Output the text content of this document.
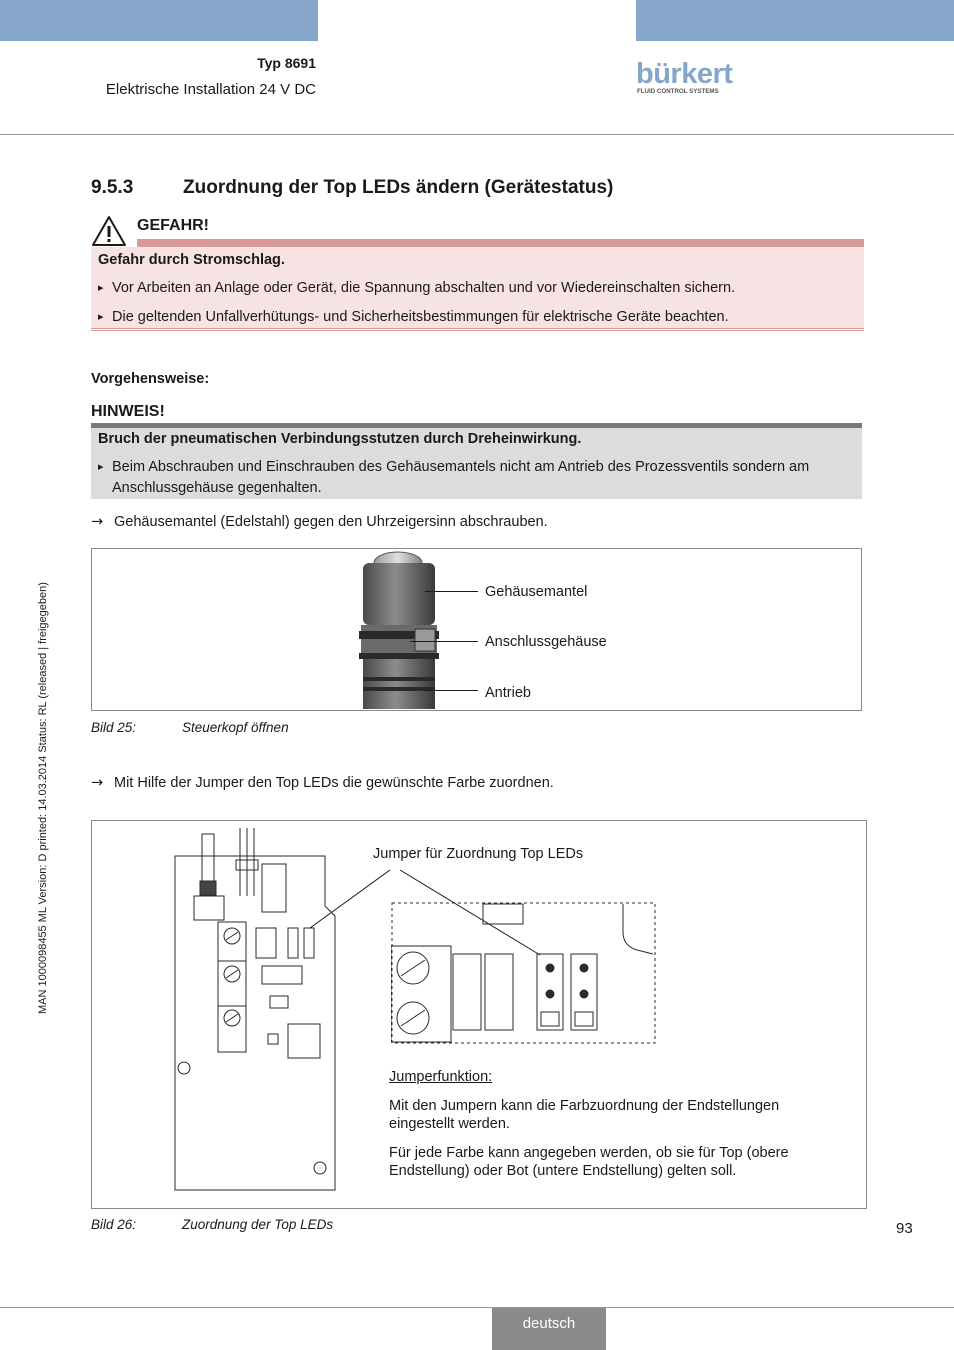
Typ 8691
Elektrische Installation 24 V DC	bürkert
FLUID CONTROL SYSTEMS
9.5.3	Zuordnung der Top LEDs ändern (Gerätestatus)
GEFAHR!
Gefahr durch Stromschlag.
▸ Vor Arbeiten an Anlage oder Gerät, die Spannung abschalten und vor Wiedereinschalten sichern.
▸ Die geltenden Unfallverhütungs- und Sicherheitsbestimmungen für elektrische Geräte beachten.
Vorgehensweise:
HINWEIS!
Bruch der pneumatischen Verbindungsstutzen durch Dreheinwirkung.
▸ Beim Abschrauben und Einschrauben des Gehäusemantels nicht am Antrieb des Prozessventils sondern am
Anschlussgehäuse gegenhalten.
→ Gehäusemantel (Edelstahl) gegen den Uhrzeigersinn abschrauben.
Gehäusemantel
Anschlussgehäuse
Antrieb
Bild 25:	Steuerkopf öffnen
→ Mit Hilfe der Jumper den Top LEDs die gewünschte Farbe zuordnen.
Jumper für Zuordnung Top LEDs
Jumperfunktion:
Mit den Jumpern kann die Farbzuordnung der Endstellungen
eingestellt werden.
Für jede Farbe kann angegeben werden, ob sie für Top (obere
Endstellung) oder Bot (untere Endstellung) gelten soll.
Bild 26:	Zuordnung der Top LEDs	93
MAN 1000098455 ML Version: D printed: 14.03.2014 Status: RL (released | freigegeben)
deutsch
